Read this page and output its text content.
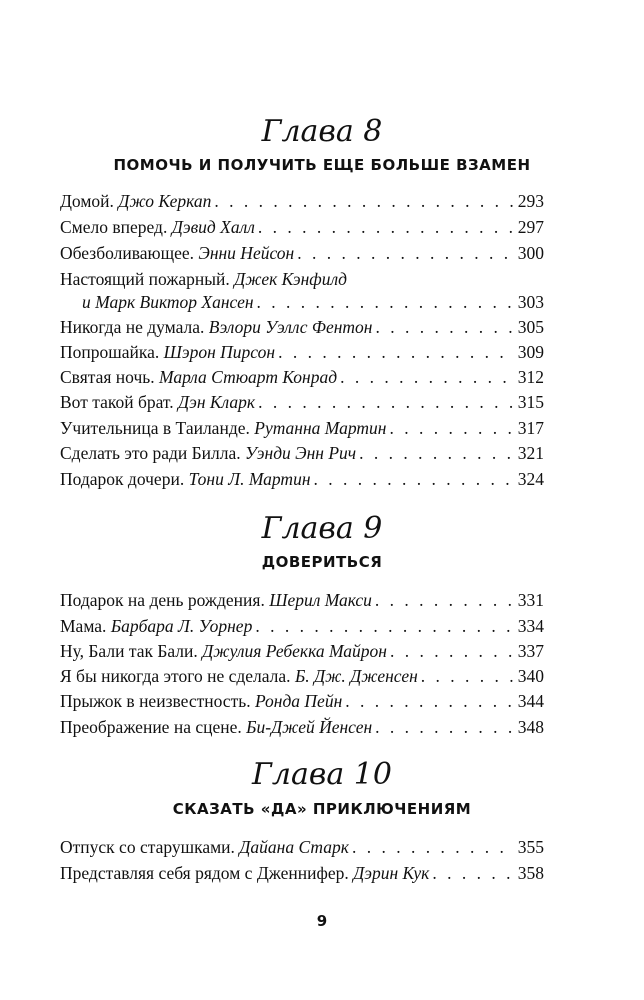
Глава 8
ПОМОЧЬ И ПОЛУЧИТЬ ЕЩЕ БОЛЬШЕ ВЗАМЕН
Домой. Джо Керкап . . .	293
Смело вперед. Дэвид Халл . . .	297
Обезболивающее. Энни Нейсон . . .	300
Настоящий пожарный. Джек Кэнфилд
и Марк Виктор Хансен . . .	303
Никогда не думала. Вэлори Уэллс Фентон . . .	305
Попрошайка. Шэрон Пирсон . . .	309
Святая ночь. Марла Стюарт Конрад . . .	312
Вот такой брат. Дэн Кларк . . .	315
Учительница в Таиланде. Рутанна Мартин . . .	317
Сделать это ради Билла. Уэнди Энн Рич . . .	321
Подарок дочери. Тони Л. Мартин . . .	324
Глава 9
ДОВЕРИТЬСЯ
Подарок на день рождения. Шерил Макси . . .	331
Мама. Барбара Л. Уорнер . . .	334
Ну, Бали так Бали. Джулия Ребекка Майрон . . .	337
Я бы никогда этого не сделала. Б. Дж. Дженсен . . .	340
Прыжок в неизвестность. Ронда Пейн . . .	344
Преображение на сцене. Би-Джей Йенсен . . .	348
Глава 10
СКАЗАТЬ «ДА» ПРИКЛЮЧЕНИЯМ
Отпуск со старушками. Дайана Старк . . .	355
Представляя себя рядом с Дженнифер. Дэрин Кук . . .	358
9
